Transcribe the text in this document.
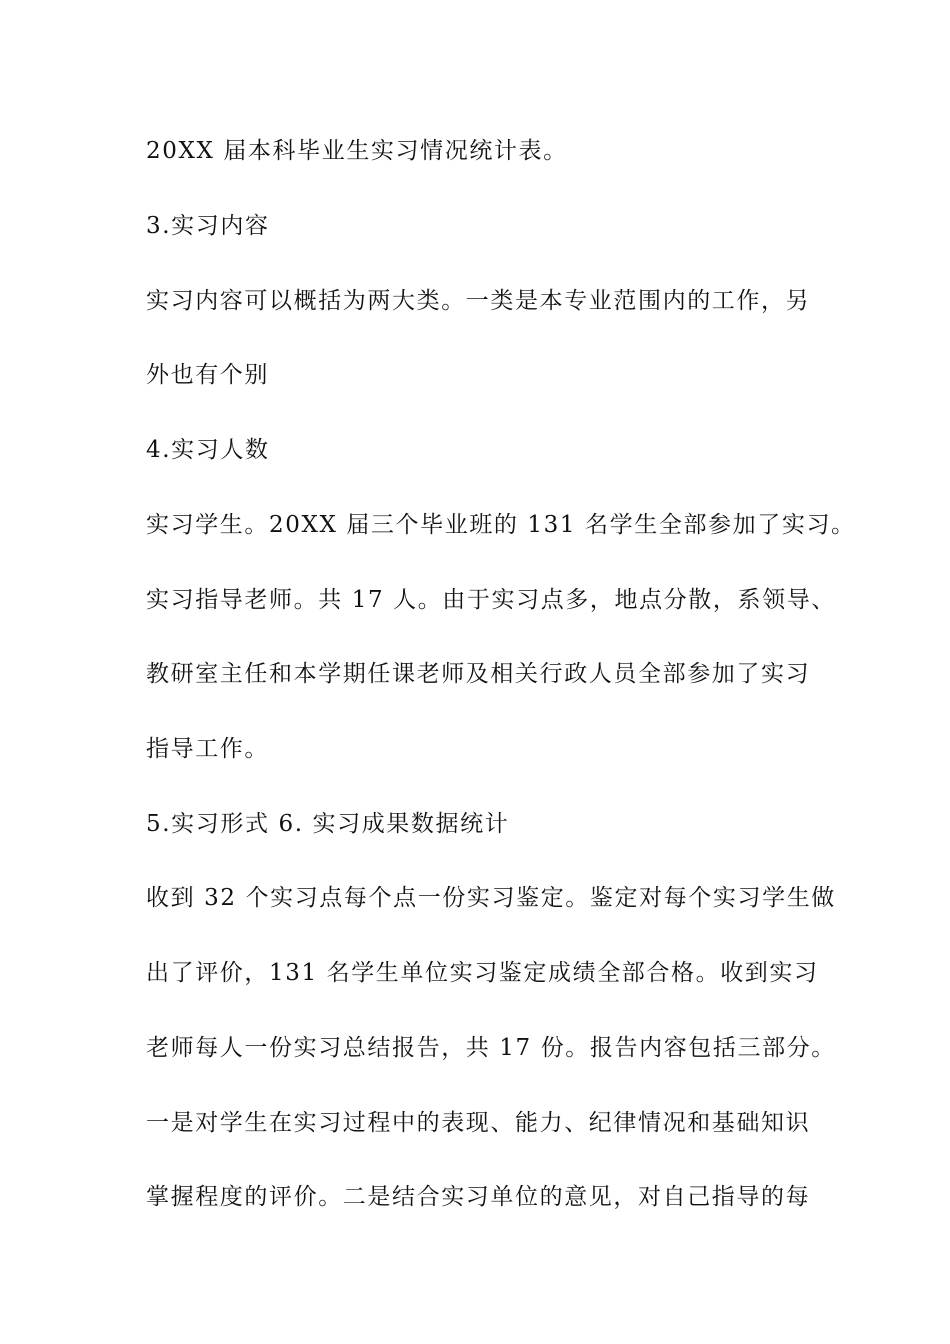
20XX 届本科毕业生实习情况统计表。
3.实习内容
实习内容可以概括为两大类。一类是本专业范围内的工作，另
外也有个别
4.实习人数
实习学生。20XX 届三个毕业班的 131 名学生全部参加了实习。
实习指导老师。共 17 人。由于实习点多，地点分散，系领导、
教研室主任和本学期任课老师及相关行政人员全部参加了实习
指导工作。
5.实习形式 6. 实习成果数据统计
收到 32 个实习点每个点一份实习鉴定。鉴定对每个实习学生做
出了评价，131 名学生单位实习鉴定成绩全部合格。收到实习
老师每人一份实习总结报告，共 17 份。报告内容包括三部分。
一是对学生在实习过程中的表现、能力、纪律情况和基础知识
掌握程度的评价。二是结合实习单位的意见，对自己指导的每
